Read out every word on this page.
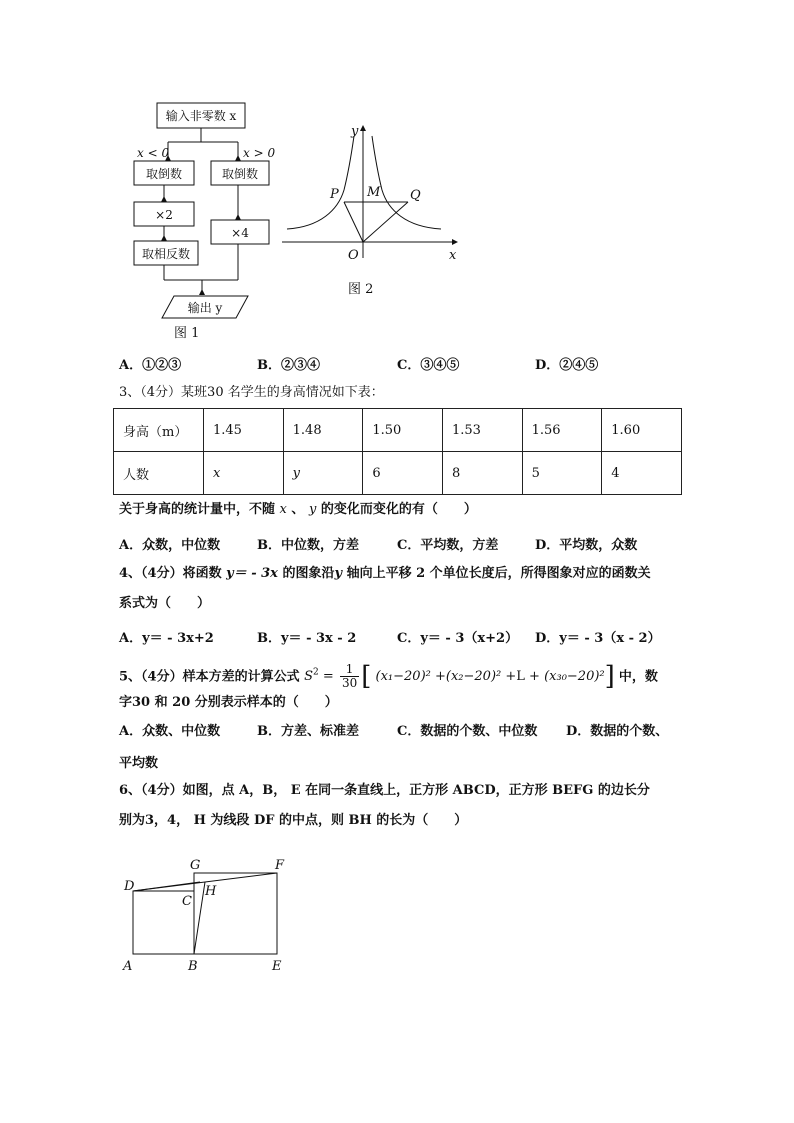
输入非零数 x
x < 0	x > 0
取倒数	取倒数
×2
取相反数
×4
输出 y
图 1
y
x
O
P M Q
图 2
A．①②③	B．②③④	C．③④⑤	D．②④⑤
3、（4分）某班30 名学生的身高情况如下表：
身高（m）	1.45	1.48	1.50	1.53	1.56	1.60
人数	x	y	6	8	5	4
关于身高的统计量中，不随 x 、 y 的变化而变化的有（　　）
A．众数，中位数	B．中位数，方差	C．平均数，方差	D．平均数，众数
4、（4分）将函数 y＝ - 3x 的图象沿y 轴向上平移 2 个单位长度后，所得图象对应的函数关
系式为（　　）
A．y＝ - 3x+2	B．y＝ - 3x - 2	C．y＝ - 3（x+2） D．y＝ - 3（x - 2）
5、（4分）样本方差的计算公式 $S^2 = \frac{1}{30}$ [ (x₁−20)² +(x₂−20)² +L + (x₃₀−20)²] 中，数
字30 和 20 分别表示样本的（　　）
A．众数、中位数	B．方差、标准差	C．数据的个数、中位数 D．数据的个数、
平均数
6、（4分）如图，点 A，B， E 在同一条直线上，正方形 ABCD，正方形 BEFG 的边长分
别为3，4， H 为线段 DF 的中点，则 BH 的长为（　　）
G	F
D	H
C
A	B	E
